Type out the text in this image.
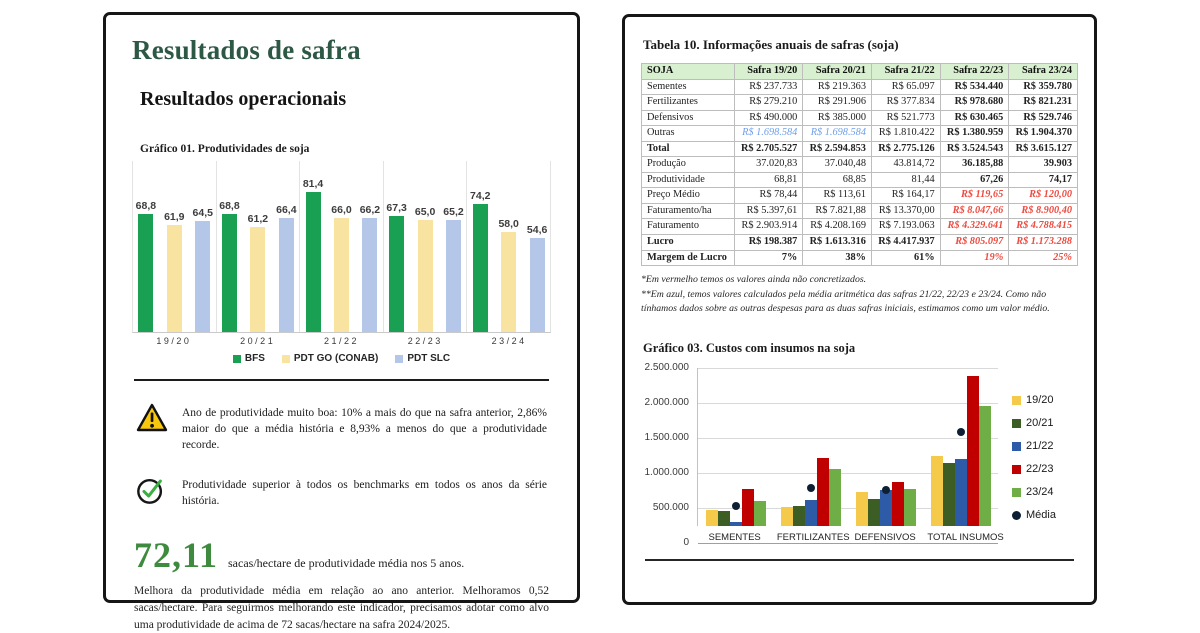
Resultados de safra
Resultados operacionais
Gráfico 01. Produtividades de soja
68,8
61,9 64,5
68,8
61,2
66,4
81,4
66,0 66,2 67,3 65,0 65,2
74,2
58,0 54,6
19/20	20/21	21/22	22/23	23/24
BFS	PDT GO (CONAB)	PDT SLC
Ano de produtividade muito boa: 10% a mais do que na safra anterior, 2,86% maior do que a média história e 8,93% a menos do que a produtividade recorde.
Produtividade superior à todos os benchmarks em todos os anos da série história.
72,11 sacas/hectare de produtividade média nos 5 anos.

Melhora da produtividade média em relação ao ano anterior. Melhoramos 0,52 sacas/hectare. Para seguirmos melhorando este indicador, precisamos adotar como alvo uma produtividade de acima de 72 sacas/hectare na safra 2024/2025.

Tabela 10. Informações anuais de safras (soja)
SOJA	Safra 19/20	Safra 20/21	Safra 21/22	Safra 22/23	Safra 23/24
Sementes	R$ 237.733	R$ 219.363	R$ 65.097	R$ 534.440	R$ 359.780
Fertilizantes	R$ 279.210	R$ 291.906	R$ 377.834	R$ 978.680	R$ 821.231
Defensivos	R$ 490.000	R$ 385.000	R$ 521.773	R$ 630.465	R$ 529.746
Outras	R$ 1.698.584	R$ 1.698.584	R$ 1.810.422	R$ 1.380.959	R$ 1.904.370
Total	R$ 2.705.527	R$ 2.594.853	R$ 2.775.126	R$ 3.524.543	R$ 3.615.127
Produção	37.020,83	37.040,48	43.814,72	36.185,88	39.903
Produtividade	68,81	68,85	81,44	67,26	74,17
Preço Médio	R$ 78,44	R$ 113,61	R$ 164,17	R$ 119,65	R$ 120,00
Faturamento/ha	R$ 5.397,61	R$ 7.821,88	R$ 13.370,00	R$ 8.047,66	R$ 8.900,40
Faturamento	R$ 2.903.914	R$ 4.208.169	R$ 7.193.063	R$ 4.329.641	R$ 4.788.415
Lucro	R$ 198.387	R$ 1.613.316	R$ 4.417.937	R$ 805.097	R$ 1.173.288
Margem de Lucro	7%	38%	61%	19%	25%
*Em vermelho temos os valores ainda não concretizados.
**Em azul, temos valores calculados pela média aritmética das safras 21/22, 22/23 e 23/24. Como não tínhamos dados sobre as outras despesas para as duas safras iniciais, estimamos como um valor médio.
Gráfico 03. Custos com insumos na soja
2.500.000
2.000.000
1.500.000
1.000.000
500.000
0	SEMENTES	FERTILIZANTES DEFENSIVOS TOTAL INSUMOS
19/20
20/21
21/22
22/23
23/24
Média
